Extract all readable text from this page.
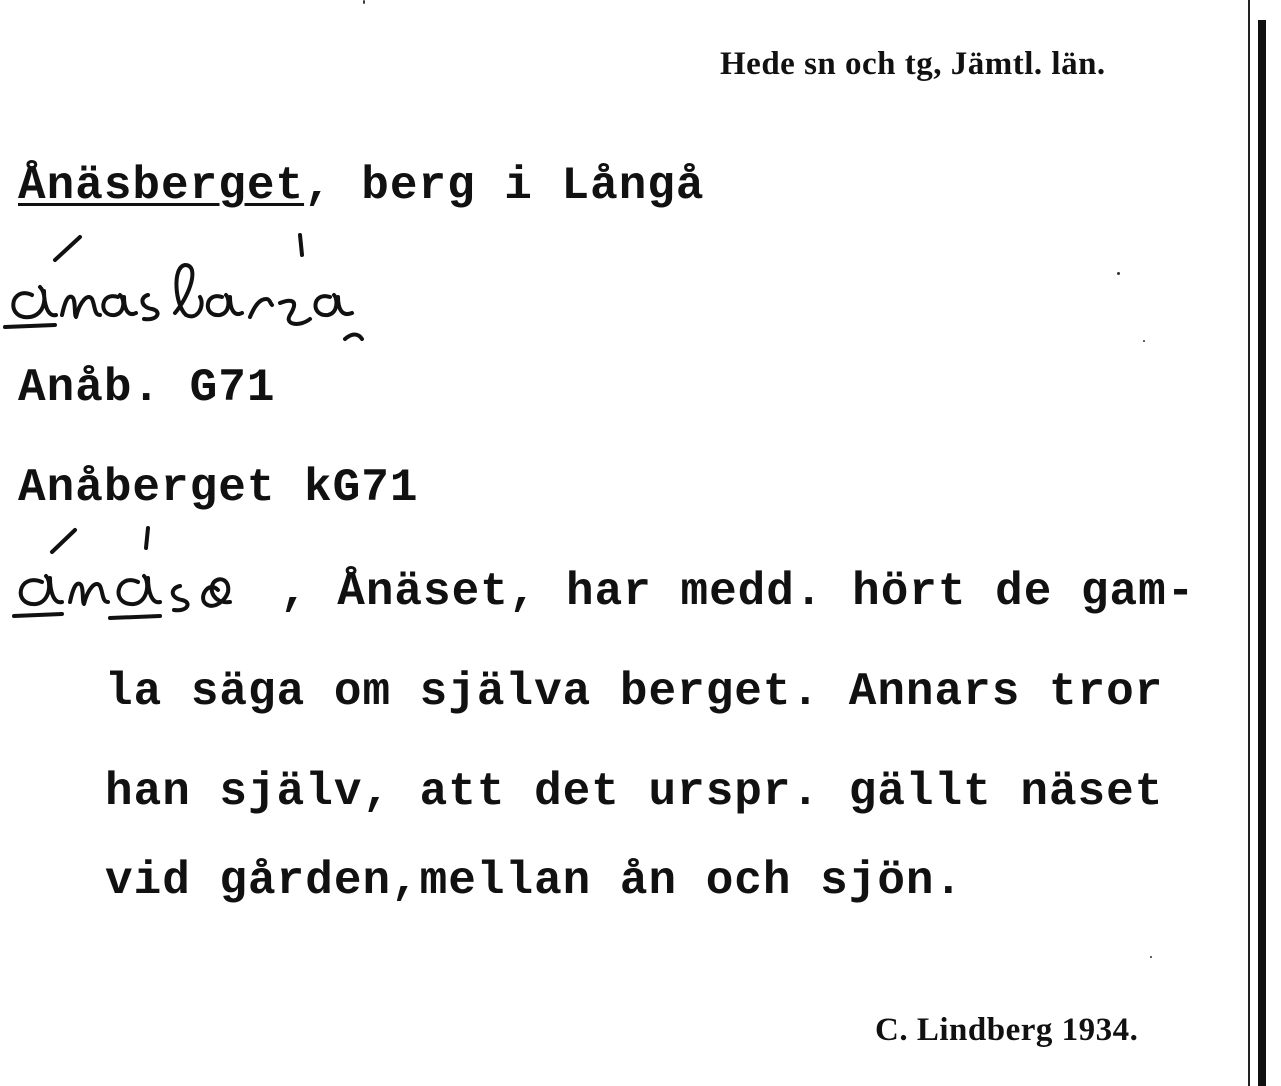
Hede sn och tg, Jämtl. län.
Ånäsberget, berg i Långå
ånasbärje
Anåb. G71
Anåberget kG71
ånåse
, Ånäset, har medd. hört de gam-
la säga om själva berget. Annars tror
han själv, att det urspr. gällt näset
vid gården,mellan ån och sjön.
C. Lindberg 1934.
